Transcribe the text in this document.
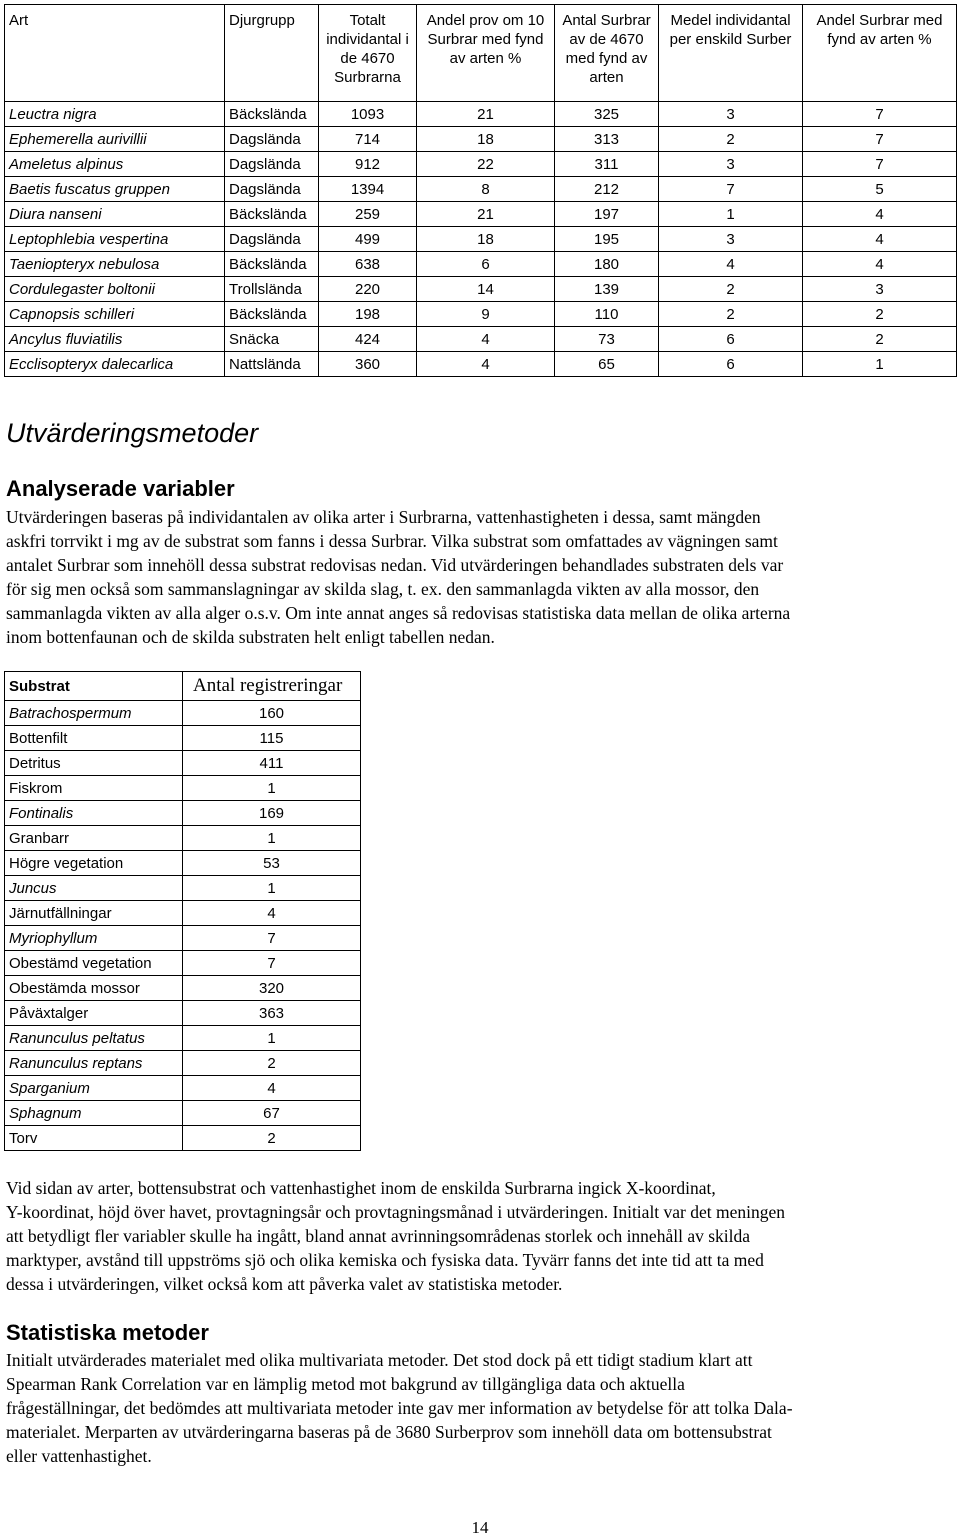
Art	Djurgrupp	Totalt individantal i de 4670 Surbrarna	Andel prov om 10 Surbrar med fynd av arten %	Antal Surbrar av de 4670 med fynd av arten	Medel individantal per enskild Surber	Andel Surbrar med fynd av arten %
Leuctra nigra	Bäcksländа	1093	21	325	3	7
Ephemerella aurivillii	Dagslända	714	18	313	2	7
Ameletus alpinus	Dagslända	912	22	311	3	7
Baetis fuscatus gruppen	Dagslända	1394	8	212	7	5
Diura nanseni	Bäcksländа	259	21	197	1	4
Leptophlebia vespertina	Dagslända	499	18	195	3	4
Taeniopteryx nebulosa	Bäcksländа	638	6	180	4	4
Cordulegaster boltonii	Trollslända	220	14	139	2	3
Capnopsis schilleri	Bäcksländа	198	9	110	2	2
Ancylus fluviatilis	Snäcka	424	4	73	6	2
Ecclisopteryx dalecarlica	Nattslända	360	4	65	6	1
Utvärderingsmetoder
Analyserade variabler
Utvärderingen baseras på individantalen av olika arter i Surbrarna, vattenhastigheten i dessa, samt mängden
askfri torrvikt i mg av de substrat som fanns i dessa Surbrar. Vilka substrat som omfattades av vägningen samt
antalet Surbrar som innehöll dessa substrat redovisas nedan. Vid utvärderingen behandlades substraten dels var
för sig men också som sammanslagningar av skilda slag, t. ex. den sammanlagda vikten av alla mossor, den
sammanlagda vikten av alla alger o.s.v. Om inte annat anges så redovisas statistiska data mellan de olika arterna
inom bottenfaunan och de skilda substraten helt enligt tabellen nedan.
Substrat	Antal registreringar
Batrachospermum	160
Bottenfilt	115
Detritus	411
Fiskrom	1
Fontinalis	169
Granbarr	1
Högre vegetation	53
Juncus	1
Järnutfällningar	4
Myriophyllum	7
Obestämd vegetation	7
Obestämda mossor	320
Påväxtalger	363
Ranunculus peltatus	1
Ranunculus reptans	2
Sparganium	4
Sphagnum	67
Torv	2
Vid sidan av arter, bottensubstrat och vattenhastighet inom de enskilda Surbrarna ingick X-koordinat,
Y-koordinat, höjd över havet, provtagningsår och provtagningsmånad i utvärderingen. Initialt var det meningen
att betydligt fler variabler skulle ha ingått, bland annat avrinningsområdenas storlek och innehåll av skilda
marktyper, avstånd till uppströms sjö och olika kemiska och fysiska data. Tyvärr fanns det inte tid att ta med
dessa i utvärderingen, vilket också kom att påverka valet av statistiska metoder.
Statistiska metoder
Initialt utvärderades materialet med olika multivariata metoder. Det stod dock på ett tidigt stadium klart att
Spearman Rank Correlation var en lämplig metod mot bakgrund av tillgängliga data och aktuella
frågeställningar, det bedömdes att multivariata metoder inte gav mer information av betydelse för att tolka Dala-
materialet. Merparten av utvärderingarna baseras på de 3680 Surberprov som innehöll data om bottensubstrat
eller vattenhastighet.
14
